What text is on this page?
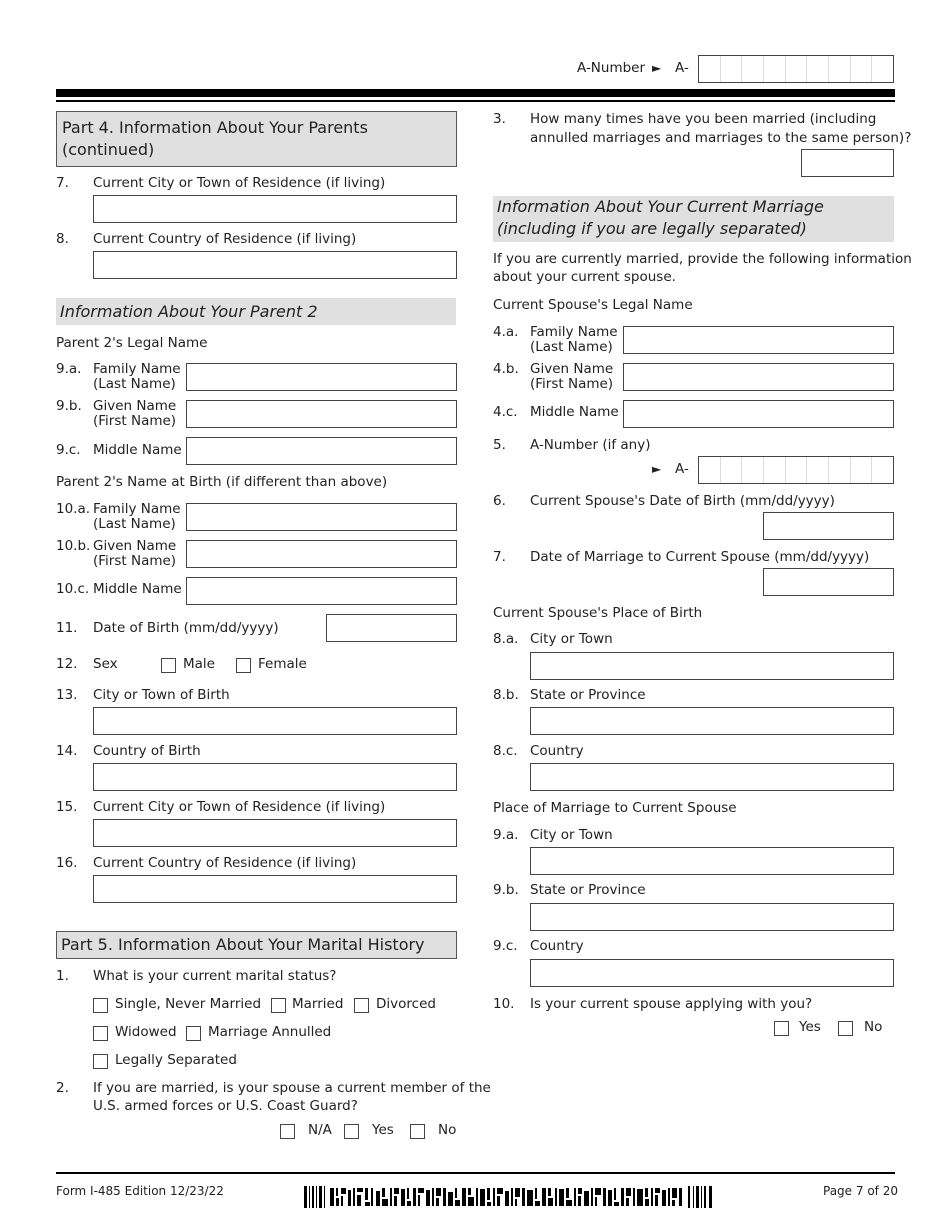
A-Number ► A-
Part 4. Information About Your Parents
(continued)
7. Current City or Town of Residence (if living)
8. Current Country of Residence (if living)
Information About Your Parent 2
Parent 2's Legal Name
9.a. Family Name
(Last Name)
9.b. Given Name
(First Name)
9.c. Middle Name
Parent 2's Name at Birth (if different than above)
10.a. Family Name
(Last Name)
10.b. Given Name
(First Name)
10.c. Middle Name
11. Date of Birth (mm/dd/yyyy)
12. Sex	Male	Female
13. City or Town of Birth
14. Country of Birth
15. Current City or Town of Residence (if living)
16. Current Country of Residence (if living)
Part 5. Information About Your Marital History
1. What is your current marital status?
Single, Never Married Married Divorced
Widowed Marriage Annulled
Legally Separated
2. If you are married, is your spouse a current member of the
U.S. armed forces or U.S. Coast Guard?
N/A	Yes	No
3. How many times have you been married (including
annulled marriages and marriages to the same person)?
Information About Your Current Marriage
(including if you are legally separated)
If you are currently married, provide the following information
about your current spouse.
Current Spouse's Legal Name
4.a. Family Name
(Last Name)
4.b. Given Name
(First Name)
4.c. Middle Name
5. A-Number (if any)
► A-
6. Current Spouse's Date of Birth (mm/dd/yyyy)
7. Date of Marriage to Current Spouse (mm/dd/yyyy)
Current Spouse's Place of Birth
8.a. City or Town
8.b. State or Province
8.c. Country
Place of Marriage to Current Spouse
9.a. City or Town
9.b. State or Province
9.c. Country
10. Is your current spouse applying with you?
Yes	No
Form I-485 Edition 12/23/22	Page 7 of 20
